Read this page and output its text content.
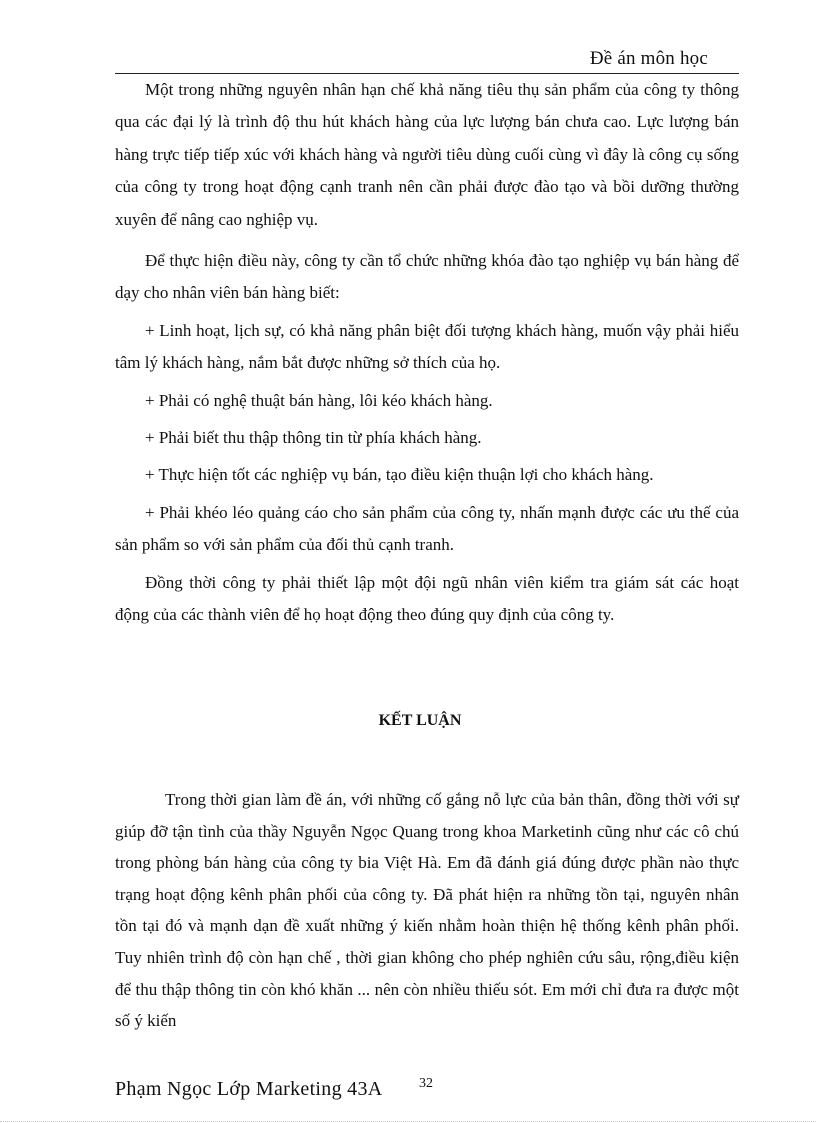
Đề án môn học

Một trong những nguyên nhân hạn chế khả năng tiêu thụ sản phẩm của công ty thông qua các đại lý là trình độ thu hút khách hàng của lực lượng bán chưa cao. Lực lượng bán hàng trực tiếp tiếp xúc với khách hàng và người tiêu dùng cuối cùng vì đây là công cụ sống của công ty trong hoạt động cạnh tranh nên cần phải được đào tạo và bồi dưỡng thường xuyên để nâng cao nghiệp vụ.

Để thực hiện điều này, công ty cần tổ chức những khóa đào tạo nghiệp vụ bán hàng để dạy cho nhân viên bán hàng biết:

+ Linh hoạt, lịch sự, có khả năng phân biệt đối tượng khách hàng, muốn vậy phải hiểu tâm lý khách hàng, nắm bắt được những sở thích của họ.

+ Phải có nghệ thuật bán hàng, lôi kéo khách hàng.

+ Phải biết thu thập thông tin từ phía khách hàng.

+ Thực hiện tốt các nghiệp vụ bán, tạo điều kiện thuận lợi cho khách hàng.

+ Phải khéo léo quảng cáo cho sản phẩm của công ty, nhấn mạnh được các ưu thế của sản phẩm so với sản phẩm của đối thủ cạnh tranh.

Đồng thời công ty phải thiết lập một đội ngũ nhân viên kiểm tra giám sát các hoạt động của các thành viên để họ hoạt động theo đúng quy định của công ty.

KẾT LUẬN

Trong thời gian làm đề án, với những cố gắng nỗ lực của bản thân, đồng thời với sự giúp đỡ tận tình của thầy Nguyễn Ngọc Quang trong khoa Marketinh cũng như các cô chú trong phòng bán hàng của công ty bia Việt Hà. Em đã đánh giá đúng được phần nào thực trạng hoạt động kênh phân phối của công ty. Đã phát hiện ra những tồn tại, nguyên nhân tồn tại đó và mạnh dạn đề xuất những ý kiến nhằm hoàn thiện hệ thống kênh phân phối. Tuy nhiên trình độ còn hạn chế , thời gian không cho phép nghiên cứu sâu, rộng,điều kiện để thu thập thông tin còn khó khăn ... nên còn nhiều thiếu sót. Em mới chỉ đưa ra được một số ý kiến

Phạm Ngọc Lớp Marketing 43A	32
